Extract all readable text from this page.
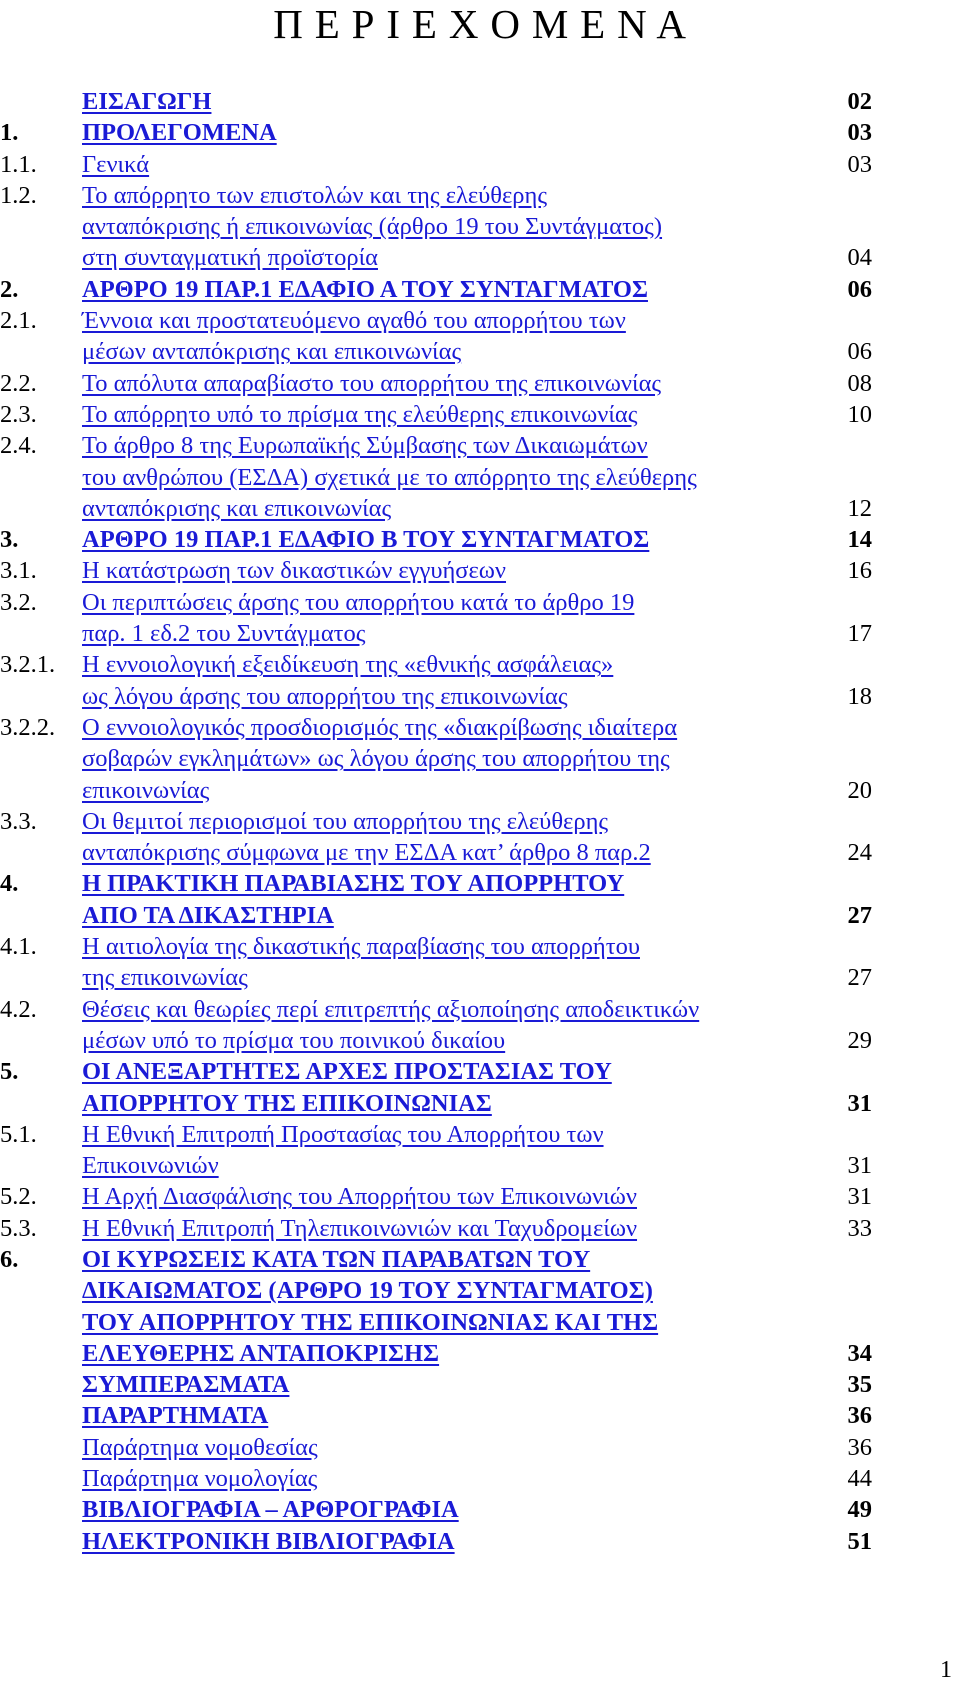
Π Ε Ρ Ι Ε Χ Ο Μ Ε Ν Α
ΕΙΣΑΓΩΓΗ	02
1.	ΠΡΟΛΕΓΟΜΕΝΑ	03
1.1.	Γενικά	03
1.2.	Το απόρρητο των επιστολών και της ελεύθερης
ανταπόκρισης ή επικοινωνίας (άρθρο 19 του Συντάγματος)
στη συνταγματική προϊστορία	04
2.	ΑΡΘΡΟ 19 ΠΑΡ.1 ΕΔΑΦΙΟ Α ΤΟΥ ΣΥΝΤΑΓΜΑΤΟΣ	06
2.1.	Έννοια και προστατευόμενο αγαθό του απορρήτου των
μέσων ανταπόκρισης και επικοινωνίας	06
2.2.	Το απόλυτα απαραβίαστο του απορρήτου της επικοινωνίας	08
2.3.	Το απόρρητο υπό το πρίσμα της ελεύθερης επικοινωνίας	10
2.4.	Το άρθρο 8 της Ευρωπαϊκής Σύμβασης των Δικαιωμάτων
του ανθρώπου (ΕΣΔΑ) σχετικά με το απόρρητο της ελεύθερης
ανταπόκρισης και επικοινωνίας	12
3.	ΑΡΘΡΟ 19 ΠΑΡ.1 ΕΔΑΦΙΟ Β ΤΟΥ ΣΥΝΤΑΓΜΑΤΟΣ	14
3.1.	Η κατάστρωση των δικαστικών εγγυήσεων	16
3.2.	Οι περιπτώσεις άρσης του απορρήτου κατά το άρθρο 19
παρ. 1 εδ.2 του Συντάγματος	17
3.2.1.	Η εννοιολογική εξειδίκευση της «εθνικής ασφάλειας»
ως λόγου άρσης του απορρήτου της επικοινωνίας	18
3.2.2.	Ο εννοιολογικός προσδιορισμός της «διακρίβωσης ιδιαίτερα
σοβαρών εγκλημάτων» ως λόγου άρσης του απορρήτου της
επικοινωνίας	20
3.3.	Οι θεμιτοί περιορισμοί του απορρήτου της ελεύθερης
ανταπόκρισης σύμφωνα με την ΕΣΔΑ κατ’ άρθρο 8 παρ.2	24
4.	Η ΠΡΑΚΤΙΚΗ ΠΑΡΑΒΙΑΣΗΣ ΤΟΥ ΑΠΟΡΡΗΤΟΥ
ΑΠΟ ΤΑ ΔΙΚΑΣΤΗΡΙΑ	27
4.1.	Η αιτιολογία της δικαστικής παραβίασης του απορρήτου
της επικοινωνίας	27
4.2.	Θέσεις και θεωρίες περί επιτρεπτής αξιοποίησης αποδεικτικών
μέσων υπό το πρίσμα του ποινικού δικαίου	29
5.	ΟΙ ΑΝΕΞΑΡΤΗΤΕΣ ΑΡΧΕΣ ΠΡΟΣΤΑΣΙΑΣ ΤΟΥ
ΑΠΟΡΡΗΤΟΥ ΤΗΣ ΕΠΙΚΟΙΝΩΝΙΑΣ	31
5.1.	Η Εθνική Επιτροπή Προστασίας του Απορρήτου των
Επικοινωνιών	31
5.2.	Η Αρχή Διασφάλισης του Απορρήτου των Επικοινωνιών	31
5.3.	Η Εθνική Επιτροπή Τηλεπικοινωνιών και Ταχυδρομείων	33
6.	ΟΙ ΚΥΡΩΣΕΙΣ ΚΑΤΑ ΤΩΝ ΠΑΡΑΒΑΤΩΝ ΤΟΥ
ΔΙΚΑΙΩΜΑΤΟΣ (ΑΡΘΡΟ 19 ΤΟΥ ΣΥΝΤΑΓΜΑΤΟΣ)
ΤΟΥ ΑΠΟΡΡΗΤΟΥ ΤΗΣ ΕΠΙΚΟΙΝΩΝΙΑΣ ΚΑΙ ΤΗΣ
ΕΛΕΥΘΕΡΗΣ ΑΝΤΑΠΟΚΡΙΣΗΣ	34
ΣΥΜΠΕΡΑΣΜΑΤΑ	35
ΠΑΡΑΡΤΗΜΑΤΑ	36
Παράρτημα νομοθεσίας	36
Παράρτημα νομολογίας	44
ΒΙΒΛΙΟΓΡΑΦΙΑ – ΑΡΘΡΟΓΡΑΦΙΑ	49
ΗΛΕΚΤΡΟΝΙΚΗ ΒΙΒΛΙΟΓΡΑΦΙΑ	51
1
